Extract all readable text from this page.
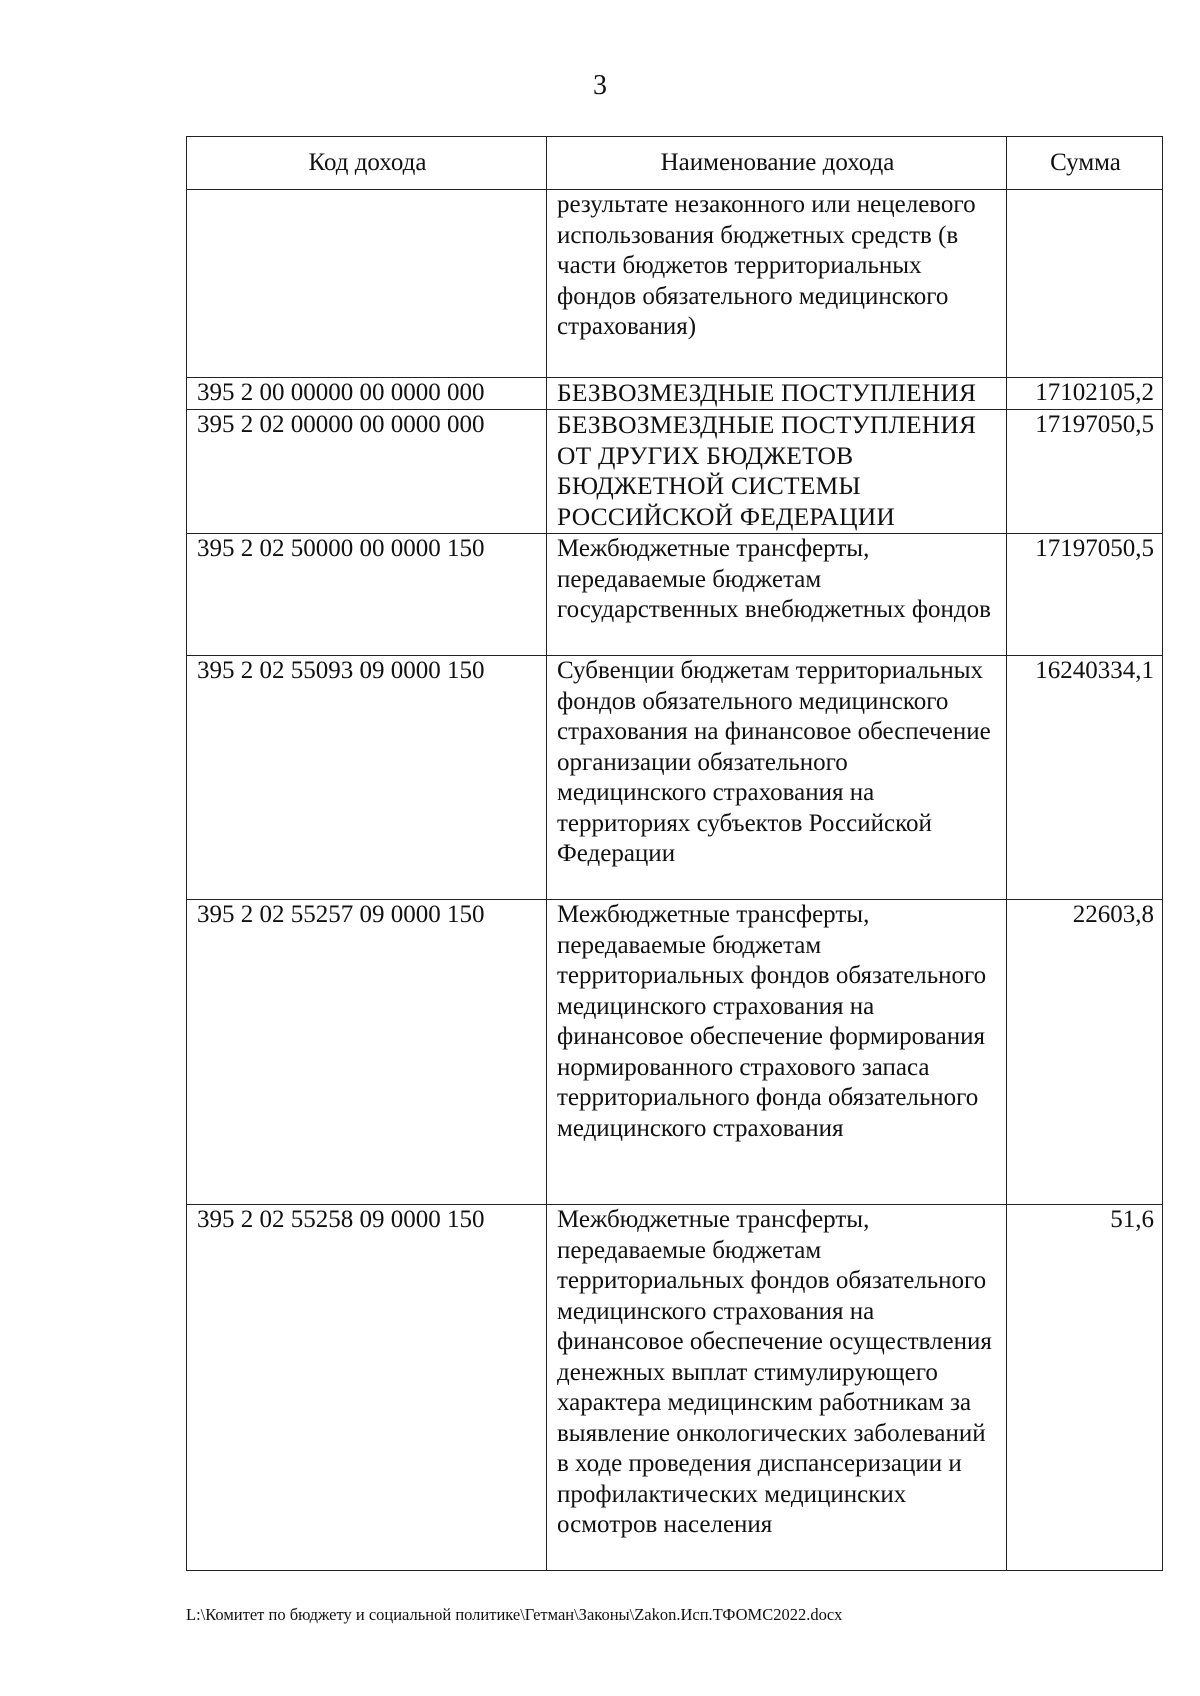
3
Код дохода	Наименование дохода	Сумма
	результате незаконного или нецелевого использования бюджетных средств (в части бюджетов территориальных фондов обязательного медицинского страхования)	
395 2 00 00000 00 0000 000	БЕЗВОЗМЕЗДНЫЕ ПОСТУПЛЕНИЯ	17102105,2
395 2 02 00000 00 0000 000	БЕЗВОЗМЕЗДНЫЕ ПОСТУПЛЕНИЯ ОТ ДРУГИХ БЮДЖЕТОВ БЮДЖЕТНОЙ СИСТЕМЫ РОССИЙСКОЙ ФЕДЕРАЦИИ	17197050,5
395 2 02 50000 00 0000 150	Межбюджетные трансферты, передаваемые бюджетам государственных внебюджетных фондов	17197050,5
395 2 02 55093 09 0000 150	Субвенции бюджетам территориальных фондов обязательного медицинского страхования на финансовое обеспечение организации обязательного медицинского страхования на территориях субъектов Российской Федерации	16240334,1
395 2 02 55257 09 0000 150	Межбюджетные трансферты, передаваемые бюджетам территориальных фондов обязательного медицинского страхования на финансовое обеспечение формирования нормированного страхового запаса территориального фонда обязательного медицинского страхования	22603,8
395 2 02 55258 09 0000 150	Межбюджетные трансферты, передаваемые бюджетам территориальных фондов обязательного медицинского страхования на финансовое обеспечение осуществления денежных выплат стимулирующего характера медицинским работникам за выявление онкологических заболеваний в ходе проведения диспансеризации и профилактических медицинских осмотров населения	51,6
L:\Комитет по бюджету и социальной политике\Гетман\Законы\Zakon.Исп.ТФОМС2022.docx
